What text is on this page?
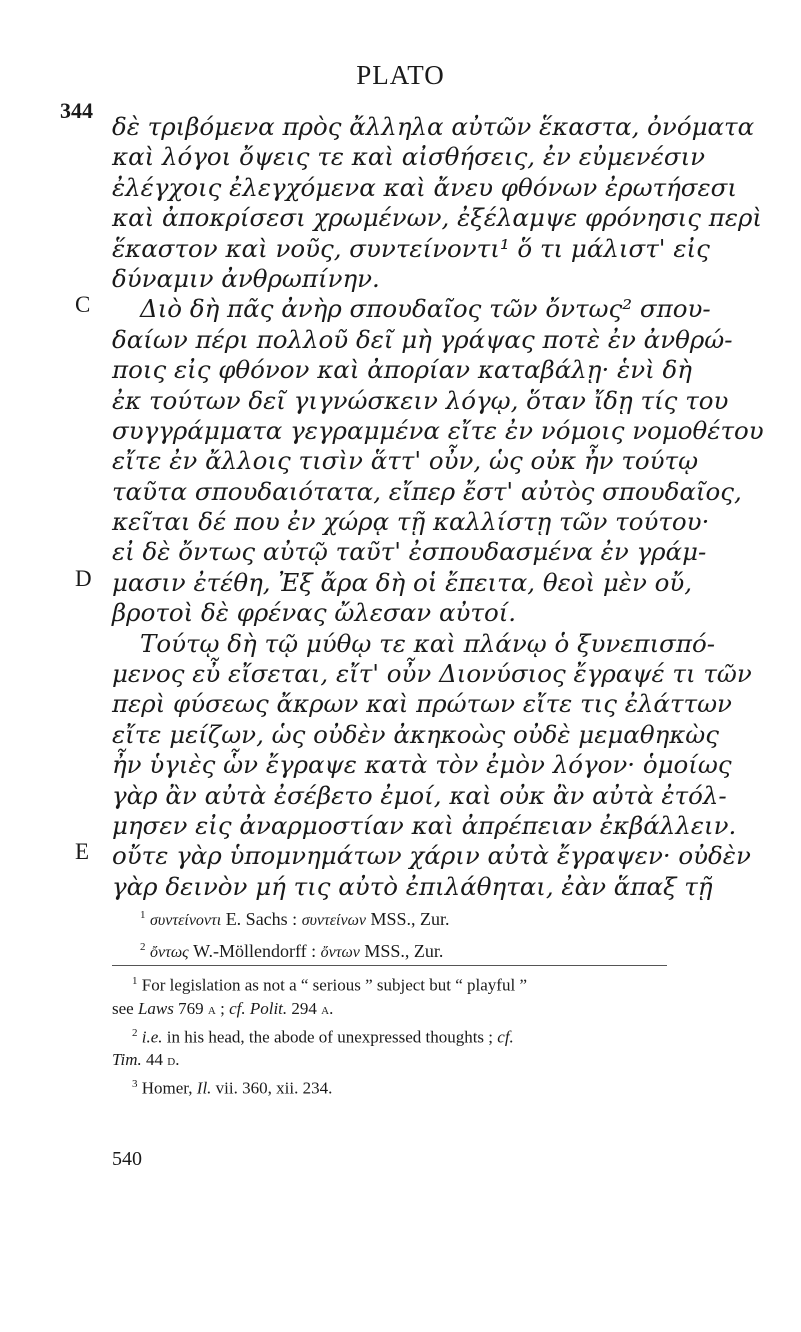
PLATO
344
C
D
E
δὲ τριβόμενα πρὸς ἄλληλα αὐτῶν ἕκαστα, ὀνόματα
καὶ λόγοι ὄψεις τε καὶ αἰσθήσεις, ἐν εὐμενέσιν
ἐλέγχοις ἐλεγχόμενα καὶ ἄνευ φθόνων ἐρωτήσεσι
καὶ ἀποκρίσεσι χρωμένων, ἐξέλαμψε φρόνησις περὶ
ἕκαστον καὶ νοῦς, συντείνοντι¹ ὅ τι μάλιστ' εἰς
δύναμιν ἀνθρωπίνην.
Διὸ δὴ πᾶς ἀνὴρ σπουδαῖος τῶν ὄντως² σπου-
δαίων πέρι πολλοῦ δεῖ μὴ γράψας ποτὲ ἐν ἀνθρώ-
ποις εἰς φθόνον καὶ ἀπορίαν καταβάλῃ· ἑνὶ δὴ
ἐκ τούτων δεῖ γιγνώσκειν λόγῳ, ὅταν ἴδῃ τίς του
συγγράμματα γεγραμμένα εἴτε ἐν νόμοις νομοθέτου
εἴτε ἐν ἄλλοις τισὶν ἅττ' οὖν, ὡς οὐκ ἦν τούτῳ
ταῦτα σπουδαιότατα, εἴπερ ἔστ' αὐτὸς σπουδαῖος,
κεῖται δέ που ἐν χώρᾳ τῇ καλλίστῃ τῶν τούτου·
εἰ δὲ ὄντως αὐτῷ ταῦτ' ἐσπουδασμένα ἐν γράμ-
μασιν ἐτέθη, Ἐξ ἄρα δὴ οἱ ἔπειτα, θεοὶ μὲν οὔ,
βροτοὶ δὲ φρένας ὤλεσαν αὐτοί.
Τούτῳ δὴ τῷ μύθῳ τε καὶ πλάνῳ ὁ ξυνεπισπό-
μενος εὖ εἴσεται, εἴτ' οὖν Διονύσιος ἔγραψέ τι τῶν
περὶ φύσεως ἄκρων καὶ πρώτων εἴτε τις ἐλάττων
εἴτε μείζων, ὡς οὐδὲν ἀκηκοὼς οὐδὲ μεμαθηκὼς
ἦν ὑγιὲς ὧν ἔγραψε κατὰ τὸν ἐμὸν λόγον· ὁμοίως
γὰρ ἂν αὐτὰ ἐσέβετο ἐμοί, καὶ οὐκ ἂν αὐτὰ ἐτόλ-
μησεν εἰς ἀναρμοστίαν καὶ ἀπρέπειαν ἐκβάλλειν.
οὔτε γὰρ ὑπομνημάτων χάριν αὐτὰ ἔγραψεν· οὐδὲν
γὰρ δεινὸν μή τις αὐτὸ ἐπιλάθηται, ἐὰν ἅπαξ τῇ
$^1$ συντείνοντι E. Sachs : συντείνων MSS., Zur.
$^2$ ὄντως W.-Möllendorff : ὄντων MSS., Zur.
$^1$ For legislation as not a “ serious ” subject but “ playful ”
see Laws 769 a ; cf. Polit. 294 a.
$^2$ i.e. in his head, the abode of unexpressed thoughts ; cf.
Tim. 44 d.
$^3$ Homer, Il. vii. 360, xii. 234.
540
